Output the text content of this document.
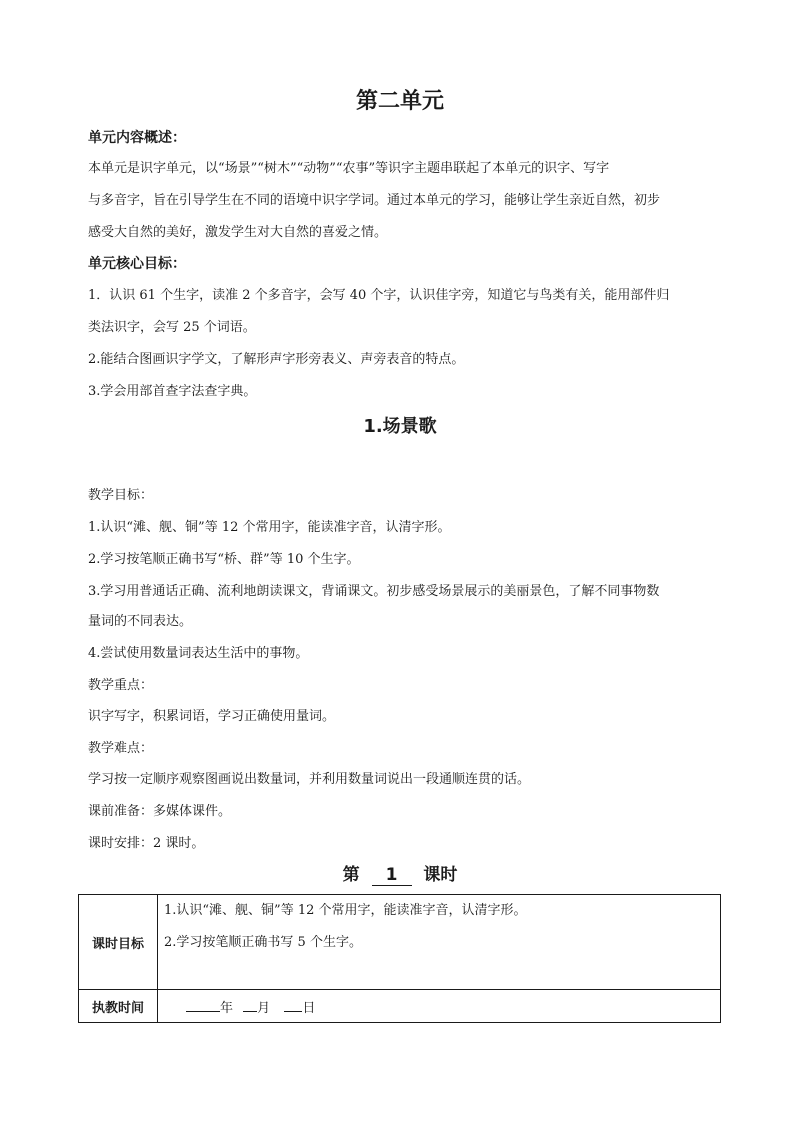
第二单元
单元内容概述：
本单元是识字单元，以“场景”“树木”“动物”“农事”等识字主题串联起了本单元的识字、写字
与多音字，旨在引导学生在不同的语境中识字学词。通过本单元的学习，能够让学生亲近自然，初步
感受大自然的美好，激发学生对大自然的喜爱之情。
单元核心目标：
1．认识 61 个生字，读准 2 个多音字，会写 40 个字，认识佳字旁，知道它与鸟类有关，能用部件归
类法识字，会写 25 个词语。
2.能结合图画识字学文，了解形声字形旁表义、声旁表音的特点。
3.学会用部首查字法查字典。
1.场景歌
教学目标：
1.认识“滩、舰、铜”等 12 个常用字，能读准字音，认清字形。
2.学习按笔顺正确书写“桥、群”等 10 个生字。
3.学习用普通话正确、流利地朗读课文，背诵课文。初步感受场景展示的美丽景色，了解不同事物数
量词的不同表达。
4.尝试使用数量词表达生活中的事物。
教学重点：
识字写字，积累词语，学习正确使用量词。
教学难点：
学习按一定顺序观察图画说出数量词，并利用数量词说出一段通顺连贯的话。
课前准备：多媒体课件。
课时安排：2 课时。
第 1 课时
课时目标	1.认识“滩、舰、铜”等 12 个常用字，能读准字音，认清字形。
2.学习按笔顺正确书写 5 个生字。

执教时间	年 月 日
